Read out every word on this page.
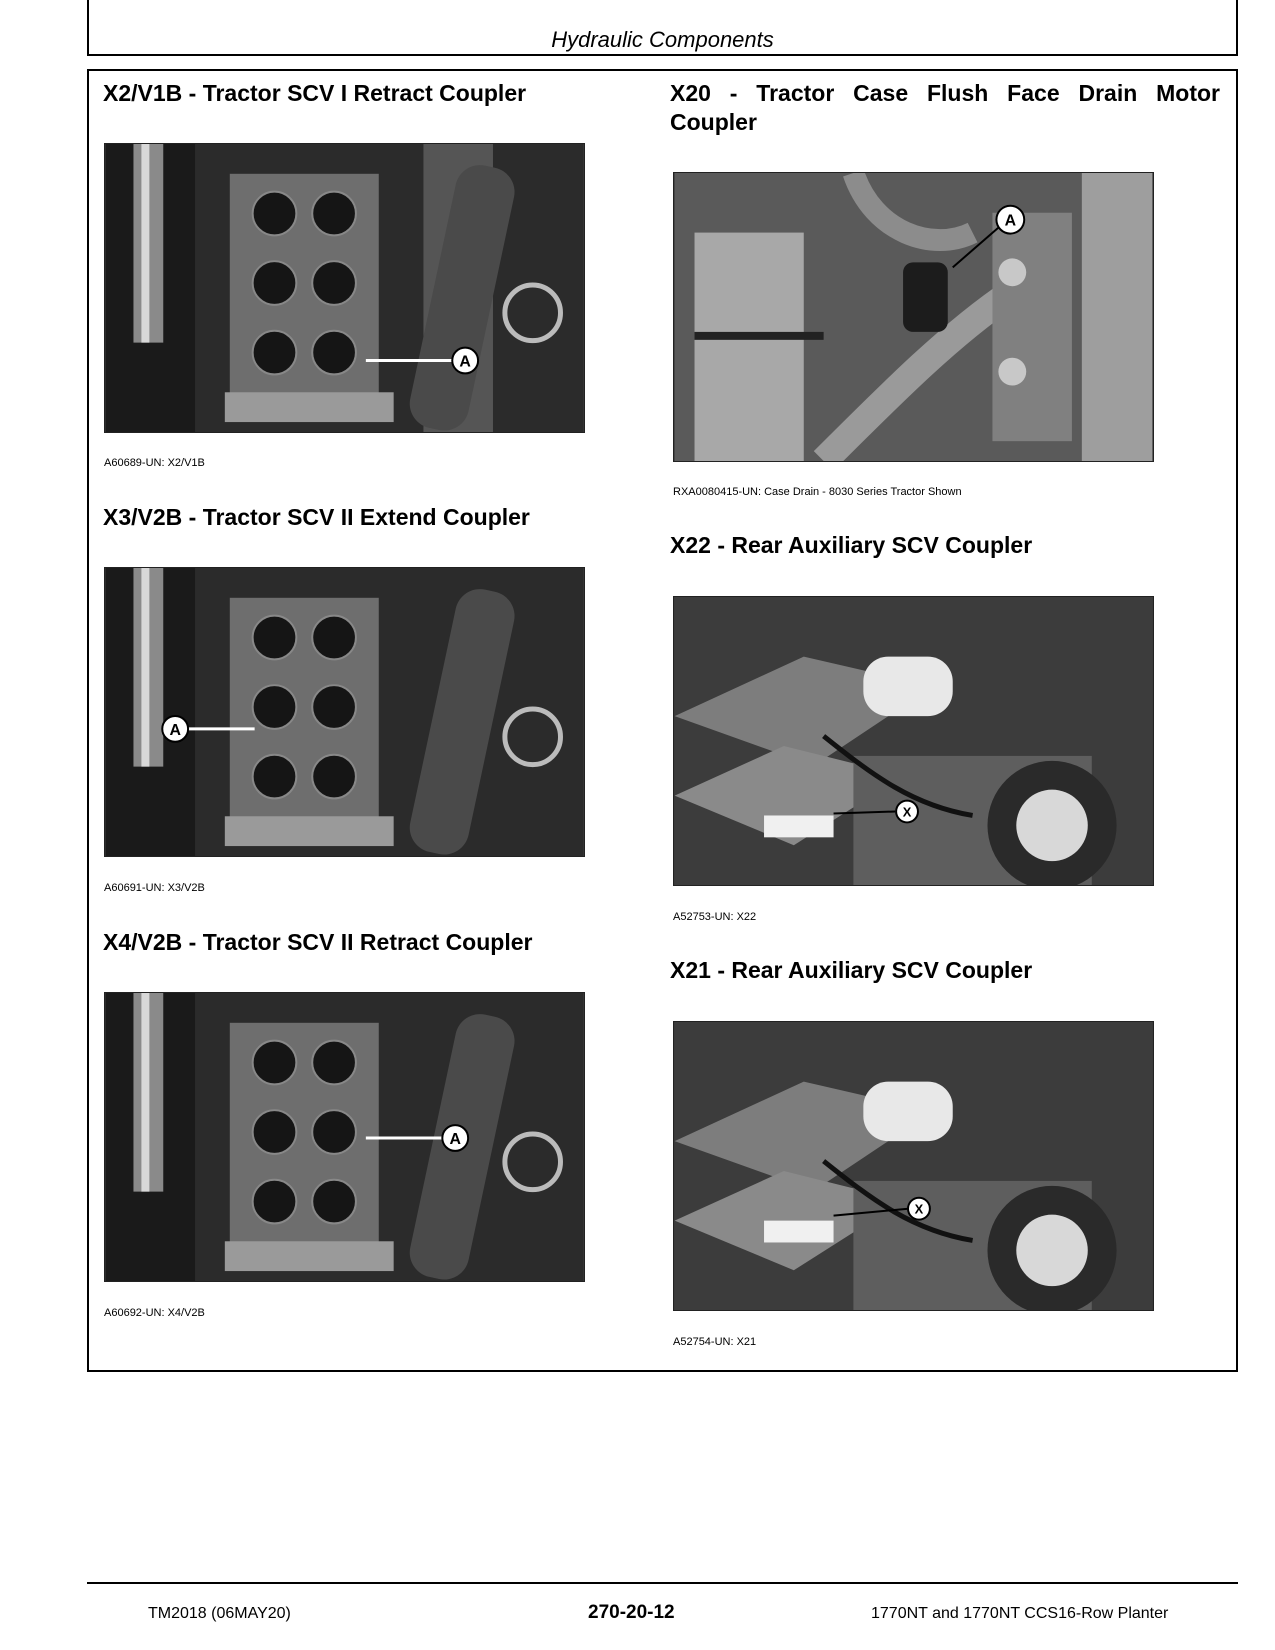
Hydraulic Components
X2/V1B - Tractor SCV I Retract Coupler
A
A60689-UN: X2/V1B
X3/V2B - Tractor SCV II Extend Coupler
A
A60691-UN: X3/V2B
X4/V2B - Tractor SCV II Retract Coupler
A
A60692-UN: X4/V2B
X20 - Tractor Case Flush Face Drain Motor Coupler
A
RXA0080415-UN: Case Drain - 8030 Series Tractor Shown
X22 - Rear Auxiliary SCV Coupler
X
A52753-UN: X22
X21 - Rear Auxiliary SCV Coupler
X
A52754-UN: X21
TM2018 (06MAY20)	270-20-12	1770NT and 1770NT CCS16-Row Planter
